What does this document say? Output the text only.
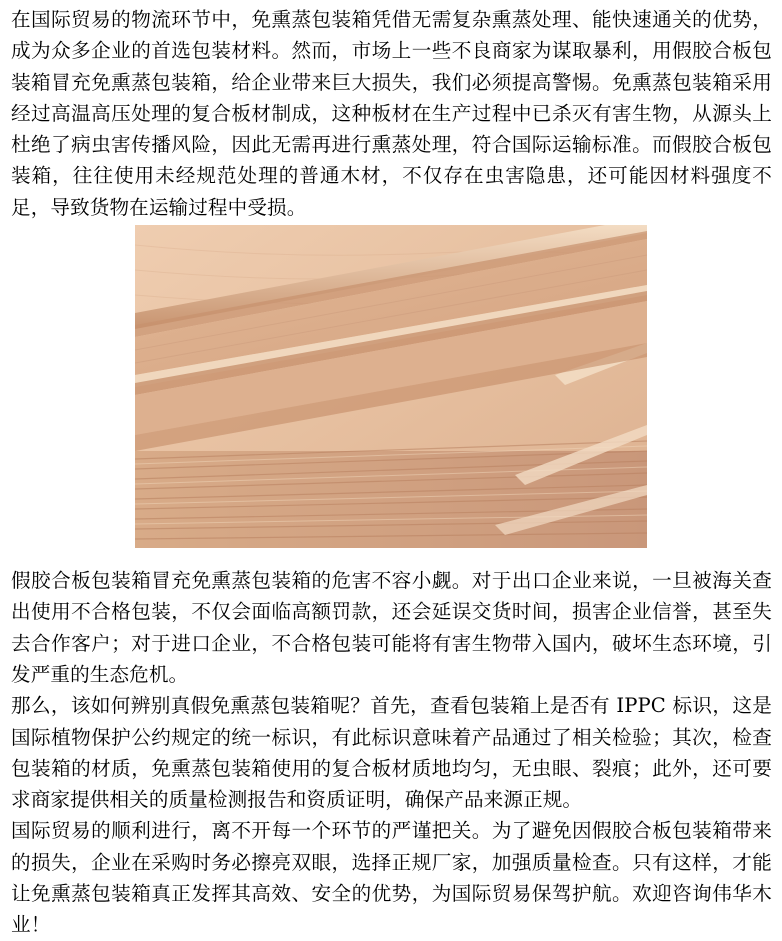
在国际贸易的物流环节中，免熏蒸包装箱凭借无需复杂熏蒸处理、能快速通关的优势，成为众多企业的首选包装材料。然而，市场上一些不良商家为谋取暴利，用假胶合板包装箱冒充免熏蒸包装箱，给企业带来巨大损失，我们必须提高警惕。免熏蒸包装箱采用经过高温高压处理的复合板材制成，这种板材在生产过程中已杀灭有害生物，从源头上杜绝了病虫害传播风险，因此无需再进行熏蒸处理，符合国际运输标准。而假胶合板包装箱，往往使用未经规范处理的普通木材，不仅存在虫害隐患，还可能因材料强度不足，导致货物在运输过程中受损。

假胶合板包装箱冒充免熏蒸包装箱的危害不容小觑。对于出口企业来说，一旦被海关查出使用不合格包装，不仅会面临高额罚款，还会延误交货时间，损害企业信誉，甚至失去合作客户；对于进口企业，不合格包装可能将有害生物带入国内，破坏生态环境，引发严重的生态危机。

那么，该如何辨别真假免熏蒸包装箱呢？首先，查看包装箱上是否有 IPPC 标识，这是国际植物保护公约规定的统一标识，有此标识意味着产品通过了相关检验；其次，检查包装箱的材质，免熏蒸包装箱使用的复合板材质地均匀，无虫眼、裂痕；此外，还可要求商家提供相关的质量检测报告和资质证明，确保产品来源正规。

国际贸易的顺利进行，离不开每一个环节的严谨把关。为了避免因假胶合板包装箱带来的损失，企业在采购时务必擦亮双眼，选择正规厂家，加强质量检查。只有这样，才能让免熏蒸包装箱真正发挥其高效、安全的优势，为国际贸易保驾护航。欢迎咨询伟华木业！
